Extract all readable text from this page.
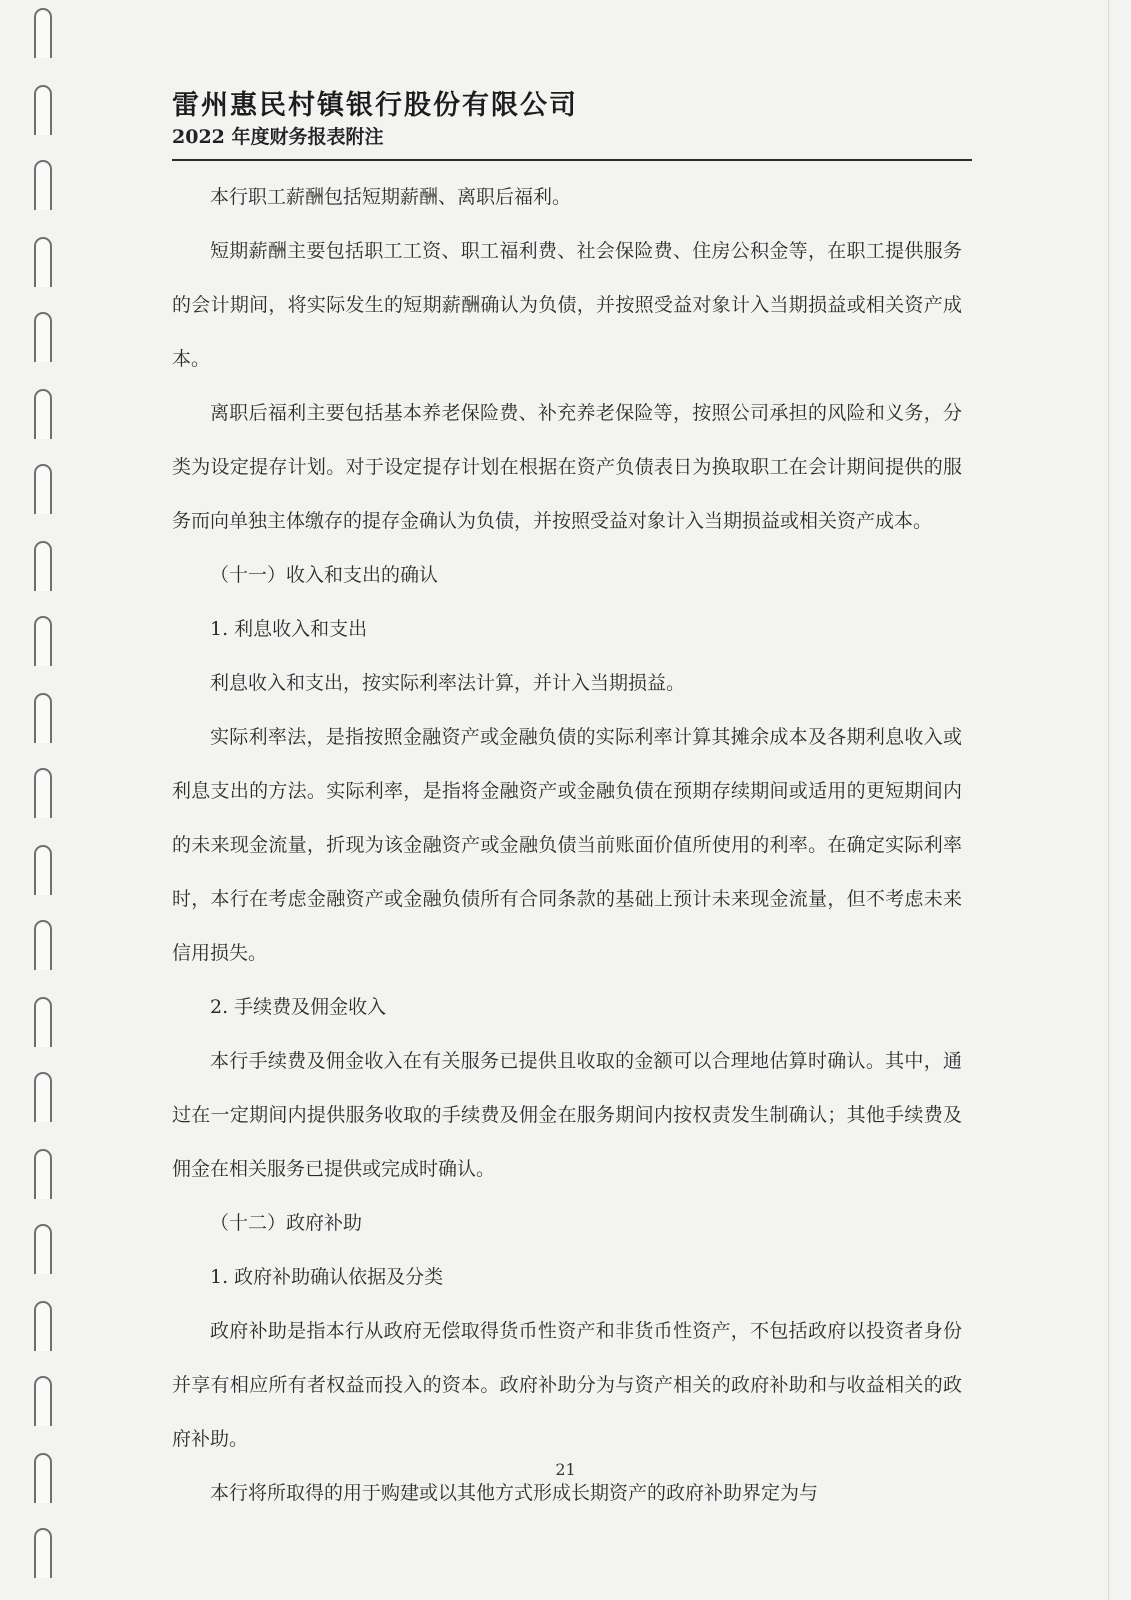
雷州惠民村镇银行股份有限公司

2022 年度财务报表附注

本行职工薪酬包括短期薪酬、离职后福利。

短期薪酬主要包括职工工资、职工福利费、社会保险费、住房公积金等，在职工提供服务的会计期间，将实际发生的短期薪酬确认为负债，并按照受益对象计入当期损益或相关资产成本。

离职后福利主要包括基本养老保险费、补充养老保险等，按照公司承担的风险和义务，分类为设定提存计划。对于设定提存计划在根据在资产负债表日为换取职工在会计期间提供的服务而向单独主体缴存的提存金确认为负债，并按照受益对象计入当期损益或相关资产成本。

（十一）收入和支出的确认

1. 利息收入和支出

利息收入和支出，按实际利率法计算，并计入当期损益。

实际利率法，是指按照金融资产或金融负债的实际利率计算其摊余成本及各期利息收入或利息支出的方法。实际利率，是指将金融资产或金融负债在预期存续期间或适用的更短期间内的未来现金流量，折现为该金融资产或金融负债当前账面价值所使用的利率。在确定实际利率时，本行在考虑金融资产或金融负债所有合同条款的基础上预计未来现金流量，但不考虑未来信用损失。

2. 手续费及佣金收入

本行手续费及佣金收入在有关服务已提供且收取的金额可以合理地估算时确认。其中，通过在一定期间内提供服务收取的手续费及佣金在服务期间内按权责发生制确认；其他手续费及佣金在相关服务已提供或完成时确认。

（十二）政府补助

1. 政府补助确认依据及分类

政府补助是指本行从政府无偿取得货币性资产和非货币性资产，不包括政府以投资者身份并享有相应所有者权益而投入的资本。政府补助分为与资产相关的政府补助和与收益相关的政府补助。

本行将所取得的用于购建或以其他方式形成长期资产的政府补助界定为与

21
